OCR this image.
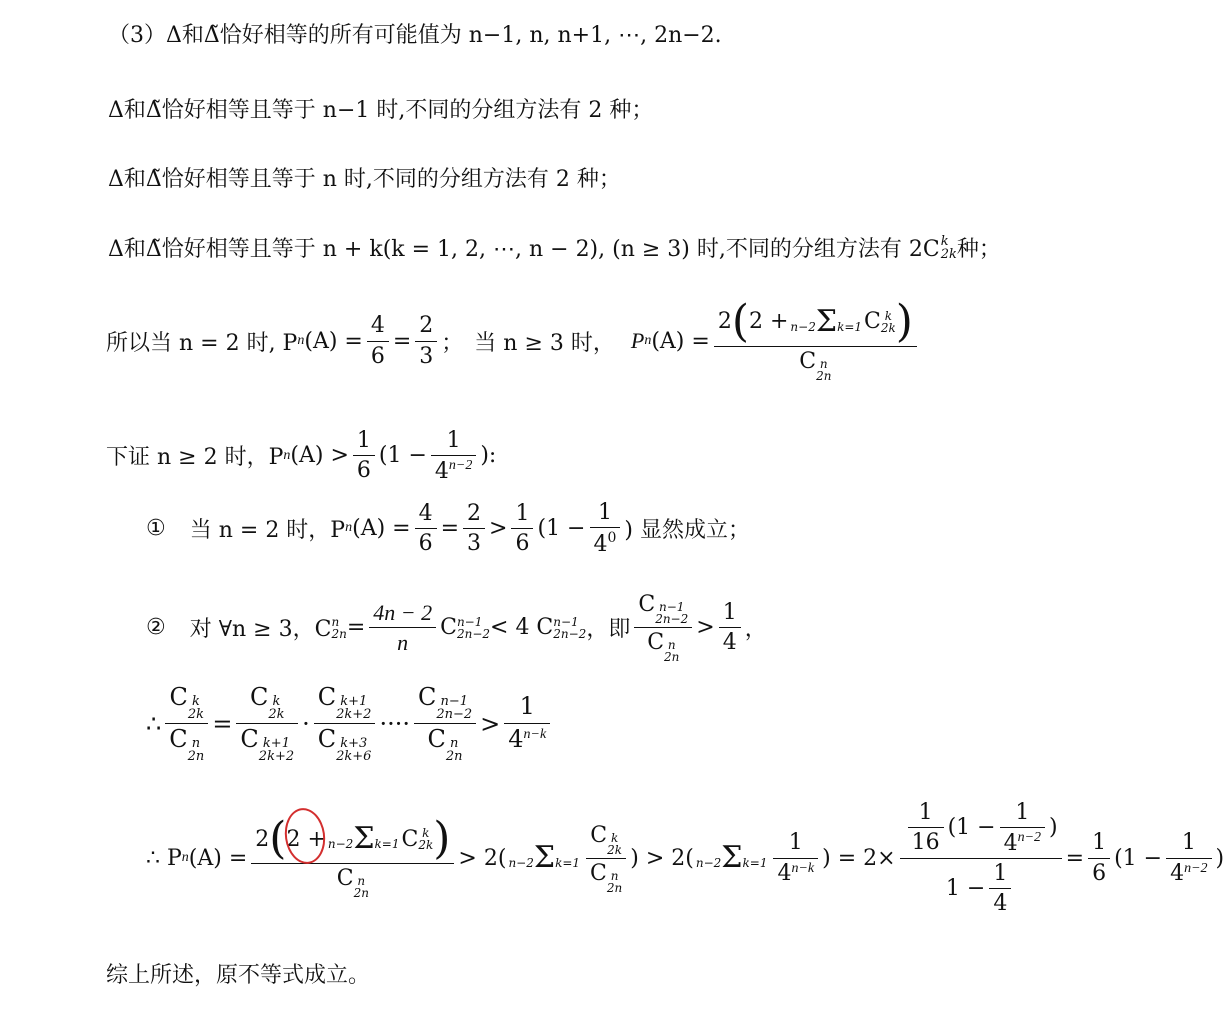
（3）Δ和Δ̃恰好相等的所有可能值为 n−1, n, n+1, ⋯, 2n−2.
Δ和Δ̃恰好相等且等于 n−1 时,不同的分组方法有 2 种；
Δ和Δ̃恰好相等且等于 n 时,不同的分组方法有 2 种；
Δ和Δ̃恰好相等且等于 n + k(k = 1, 2, ⋯, n − 2), (n ≥ 3) 时,不同的分组方法有 2C k
2k 种；
所以当 n = 2 时, P n $(A) = \frac{4}{6} = \frac{2}{3}$ ；　当 n ≥ 3 时， P n (A) = 2 ( 2 + n−2Σk=1 C k
2k )
C n
2n
下证 n ≥ 2 时，P n $(A) > \frac{1}{6} (1 - \frac{1}{4^{n-2}}$ ):
① 当 n = 2 时，P n $(A) = \frac{4}{6} = \frac{2}{3} > \frac{1}{6} (1 - \frac{1}{4^0}$ ) 显然成立；
② 对 ∀n ≥ 3，C n
$2n = \frac{4n - 2}{n}$ C n−1
2n−2 < 4 C n−1
2n−2 ，即 C n−1
2n−2
C n
$2n > \frac{1}{4}$ ，
∴ C k
2k
C n
2n = C k
2k
C k+1
2k+2 · C k+1
2k+2
C k+3
2k+6 ···· C n−1
2n−2
C n
$2n > \frac{1}{4^{n-k}}$
∴ P n (A) = 2 ( 2 + n−2Σk=1 C k
2k )
C n
2n > 2( n−2Σk=1 C k
2k
C n
2n ) > 2( $n-2\Sigma k=1 \frac{1}{4^{n-k}}$ ) = $2\times \frac{\frac{1}{16} (1 - \frac{1}{4^{n-2}} )}{1 - \frac{1}{4}} = \frac{1}{6} (1 - \frac{1}{4^{n-2}}$ )
综上所述，原不等式成立。
